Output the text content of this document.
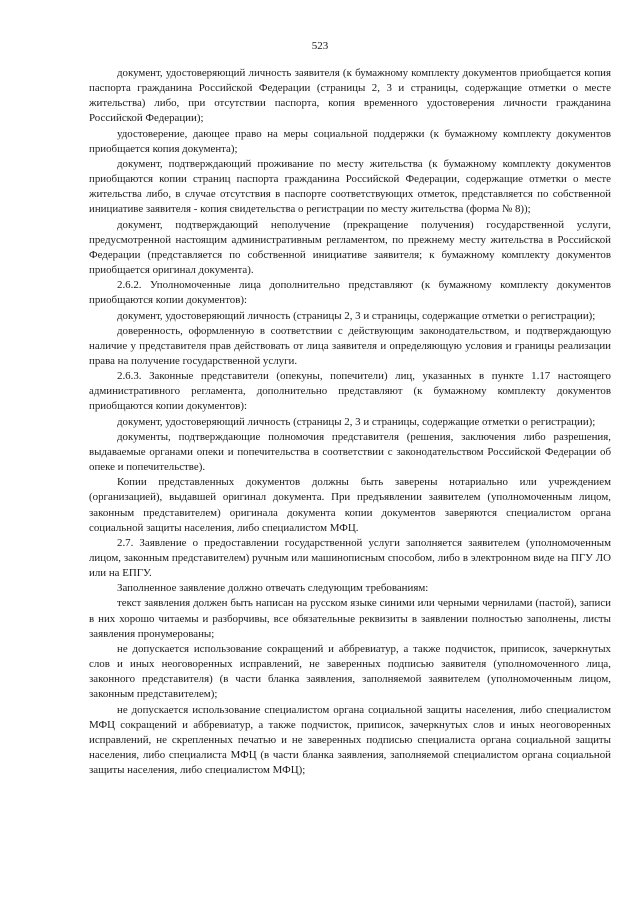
523

документ, удостоверяющий личность заявителя (к бумажному комплекту документов приобщается копия паспорта гражданина Российской Федерации (страницы 2, 3 и страницы, содержащие отметки о месте жительства) либо, при отсутствии паспорта, копия временного удостоверения личности гражданина Российской Федерации);

удостоверение, дающее право на меры социальной поддержки (к бумажному комплекту документов приобщается копия документа);

документ, подтверждающий проживание по месту жительства (к бумажному комплекту документов приобщаются копии страниц паспорта гражданина Российской Федерации, содержащие отметки о месте жительства либо, в случае отсутствия в паспорте соответствующих отметок, представляется по собственной инициативе заявителя - копия свидетельства о регистрации по месту жительства (форма № 8));

документ, подтверждающий неполучение (прекращение получения) государственной услуги, предусмотренной настоящим административным регламентом, по прежнему месту жительства в Российской Федерации (представляется по собственной инициативе заявителя; к бумажному комплекту документов приобщается оригинал документа).

2.6.2. Уполномоченные лица дополнительно представляют (к бумажному комплекту документов приобщаются копии документов):

документ, удостоверяющий личность (страницы 2, 3 и страницы, содержащие отметки о регистрации);

доверенность, оформленную в соответствии с действующим законодательством, и подтверждающую наличие у представителя прав действовать от лица заявителя и определяющую условия и границы реализации права на получение государственной услуги.

2.6.3. Законные представители (опекуны, попечители) лиц, указанных в пункте 1.17 настоящего административного регламента, дополнительно представляют (к бумажному комплекту документов приобщаются копии документов):

документ, удостоверяющий личность (страницы 2, 3 и страницы, содержащие отметки о регистрации);

документы, подтверждающие полномочия представителя (решения, заключения либо разрешения, выдаваемые органами опеки и попечительства в соответствии с законодательством Российской Федерации об опеке и попечительстве).

Копии представленных документов должны быть заверены нотариально или учреждением (организацией), выдавшей оригинал документа. При предъявлении заявителем (уполномоченным лицом, законным представителем) оригинала документа копии документов заверяются специалистом органа социальной защиты населения, либо специалистом МФЦ.

2.7. Заявление о предоставлении государственной услуги заполняется заявителем (уполномоченным лицом, законным представителем) ручным или машинописным способом, либо в электронном виде на ПГУ ЛО или на ЕПГУ.

Заполненное заявление должно отвечать следующим требованиям:

текст заявления должен быть написан на русском языке синими или черными чернилами (пастой), записи в них хорошо читаемы и разборчивы, все обязательные реквизиты в заявлении полностью заполнены, листы заявления пронумерованы;

не допускается использование сокращений и аббревиатур, а также подчисток, приписок, зачеркнутых слов и иных неоговоренных исправлений, не заверенных подписью заявителя (уполномоченного лица, законного представителя) (в части бланка заявления, заполняемой заявителем (уполномоченным лицом, законным представителем);

не допускается использование специалистом органа социальной защиты населения, либо специалистом МФЦ сокращений и аббревиатур, а также подчисток, приписок, зачеркнутых слов и иных неоговоренных исправлений, не скрепленных печатью и не заверенных подписью специалиста органа социальной защиты населения, либо специалиста МФЦ (в части бланка заявления, заполняемой специалистом органа социальной защиты населения, либо специалистом МФЦ);
